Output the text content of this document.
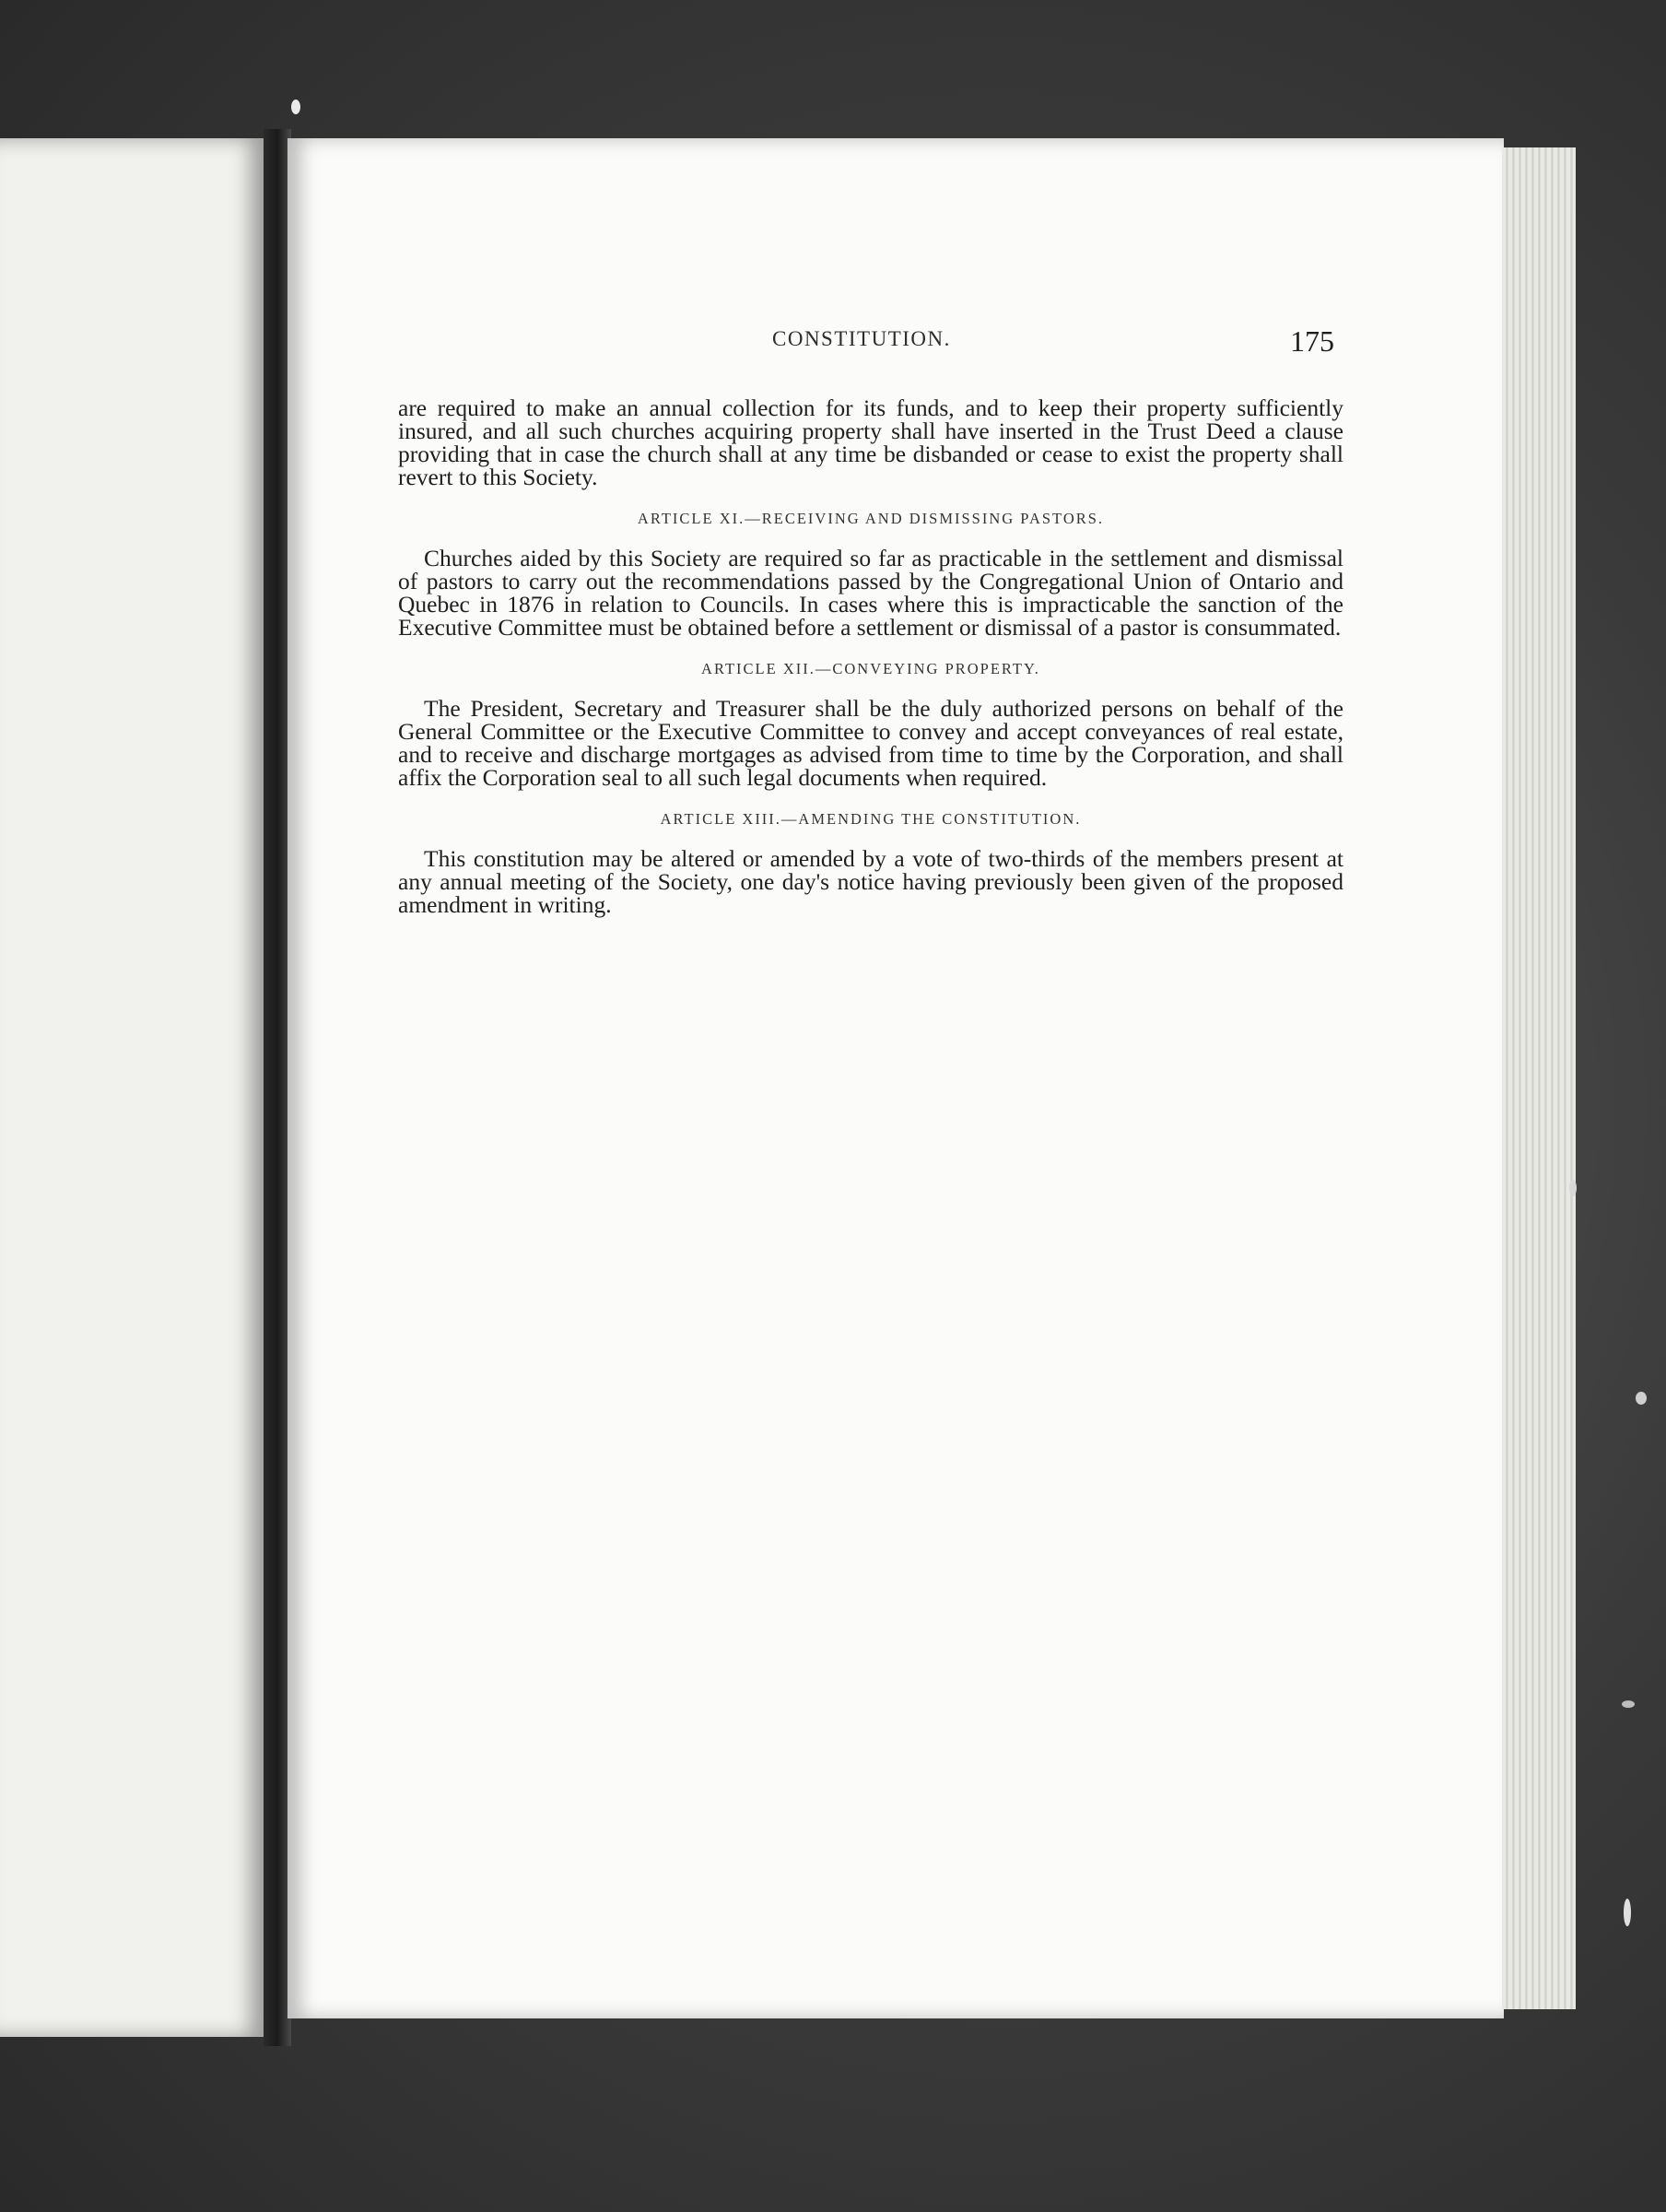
CONSTITUTION.	175

are required to make an annual collection for its funds, and to keep their property sufficiently insured, and all such churches acquiring property shall have inserted in the Trust Deed a clause providing that in case the church shall at any time be disbanded or cease to exist the property shall revert to this Society.

ARTICLE XI.—RECEIVING AND DISMISSING PASTORS.

Churches aided by this Society are required so far as practicable in the settlement and dismissal of pastors to carry out the recommendations passed by the Congregational Union of Ontario and Quebec in 1876 in relation to Councils. In cases where this is impracticable the sanction of the Executive Committee must be obtained before a settlement or dismissal of a pastor is consummated.

ARTICLE XII.—CONVEYING PROPERTY.

The President, Secretary and Treasurer shall be the duly authorized persons on behalf of the General Committee or the Executive Committee to convey and accept conveyances of real estate, and to receive and discharge mortgages as advised from time to time by the Corporation, and shall affix the Corporation seal to all such legal documents when required.

ARTICLE XIII.—AMENDING THE CONSTITUTION.

This constitution may be altered or amended by a vote of two-thirds of the members present at any annual meeting of the Society, one day's notice having previously been given of the proposed amendment in writing.
